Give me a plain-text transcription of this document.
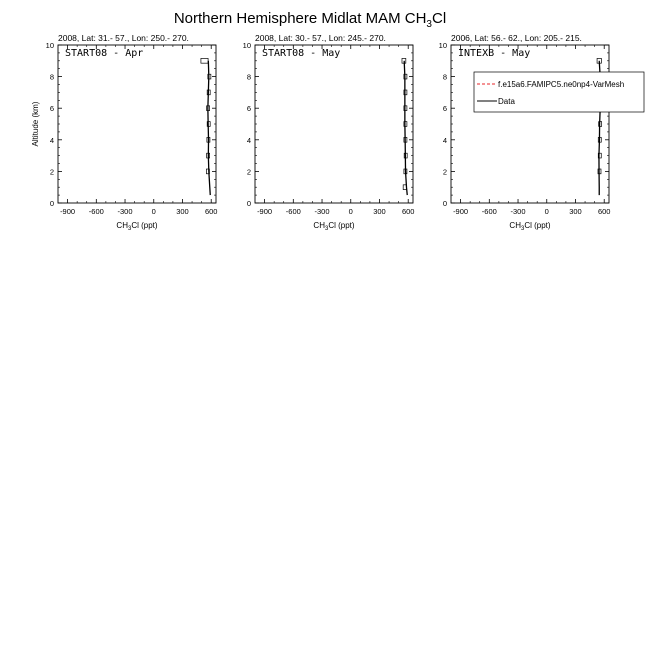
Northern Hemisphere Midlat MAM $CH_3Cl$
2008, Lat: 31.- 57., Lon: 250.- 270.
START08 - Apr
0
2
4
6
8
10
-900 -600 -300	0	300 600
$CH_3Cl$ (ppt)
Altitude (km)
2008, Lat: 30.- 57., Lon: 245.- 270.
START08 - May
0
2
4
6
8
10
-900 -600 -300	0	300 600
$CH_3Cl$ (ppt)
2006, Lat: 56.- 62., Lon: 205.- 215.
INTEXB - May
0
2
4
6
8
10
-900 -600 -300	0	300 600
$CH_3Cl$ (ppt)
f.e15a6.FAMIPC5.ne0np4-VarMesh
Data
